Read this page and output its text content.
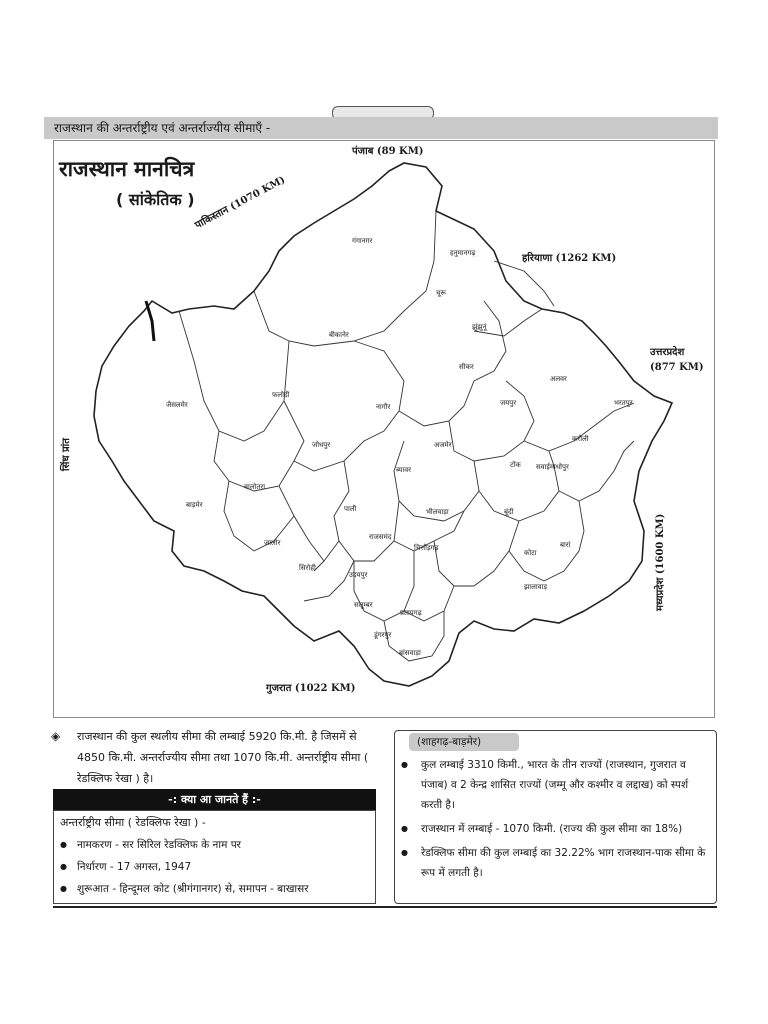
राजस्थान की अन्तर्राष्ट्रीय एवं अन्तर्राज्यीय सीमाएँ -
राजस्थान मानचित्र
( सांकेतिक )
पंजाब (89 KM)
पाकिस्तान (1070 KM)
हरियाणा (1262 KM)
उत्तरप्रदेश
(877 KM)
मध्यप्रदेश (1600 KM)
गुजरात (1022 KM)
सिंध प्रांत
बीकानेर
जैसलमेर
फलोदी
जोधपुर
नागौर
बाड़मेर
बालोतरा
जालोर
सिरोही
पाली
अजमेर
ब्यावर
जयपुर
सीकर
झुंझुनूं
अलवर
भरतपुर
करौली
टोंक सवाईमाधोपुर
बूंदी
कोटा
बारां
झालावाड़
भीलवाड़ा
चित्तौड़गढ़
उदयपुर
सलूम्बर
प्रतापगढ़
डूंगरपुर
बांसवाड़ा
राजसमंद
हनुमानगढ़
गंगानगर
चूरू
◈	राजस्थान की कुल स्थलीय सीमा की लम्बाई 5920 कि.मी. है जिसमें से 4850 कि.मी. अन्तर्राज्यीय सीमा तथा 1070 कि.मी. अन्तर्राष्ट्रीय सीमा ( रेडक्लिफ रेखा ) है।
-: क्या आ जानते हैं :-
अन्तर्राष्ट्रीय सीमा ( रेडक्लिफ रेखा ) -
● नामकरण - सर सिरिल रेडक्लिफ के नाम पर
● निर्धारण - 17 अगस्त, 1947
● शुरूआत - हिन्दूमल कोट (श्रीगंगानगर) से, समापन - बाखासर
(शाहगढ़-बाड़मेर)
● कुल लम्बाई 3310 किमी., भारत के तीन राज्यों (राजस्थान, गुजरात व पंजाब) व 2 केन्द्र शासित राज्यों (जम्मू और कश्मीर व लद्दाख) को स्पर्श करती है।
● राजस्थान में लम्बाई - 1070 किमी. (राज्य की कुल सीमा का 18%)
● रेडक्लिफ सीमा की कुल लम्बाई का 32.22% भाग राजस्थान-पाक सीमा के रूप में लगती है।
